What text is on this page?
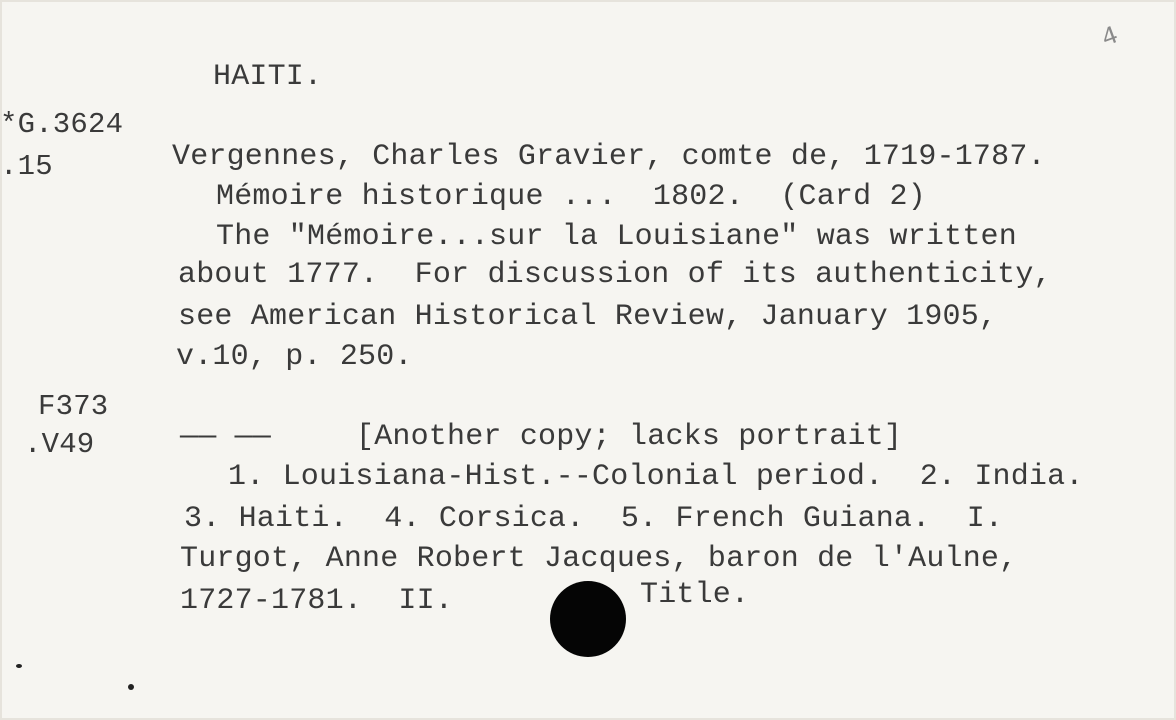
HAITI.
4
*G.3624
.15
F373
.V49
Vergennes, Charles Gravier, comte de, 1719-1787.
Mémoire historique ...  1802.  (Card 2)
The "Mémoire...sur la Louisiane" was written
about 1777.  For discussion of its authenticity,
see American Historical Review, January 1905,
v.10, p. 250.
—— ——	[Another copy; lacks portrait]
1. Louisiana-Hist.--Colonial period.  2. India.
3. Haiti.  4. Corsica.  5. French Guiana.  I.
Turgot, Anne Robert Jacques, baron de l'Aulne,
1727-1781.  II.	Title.
